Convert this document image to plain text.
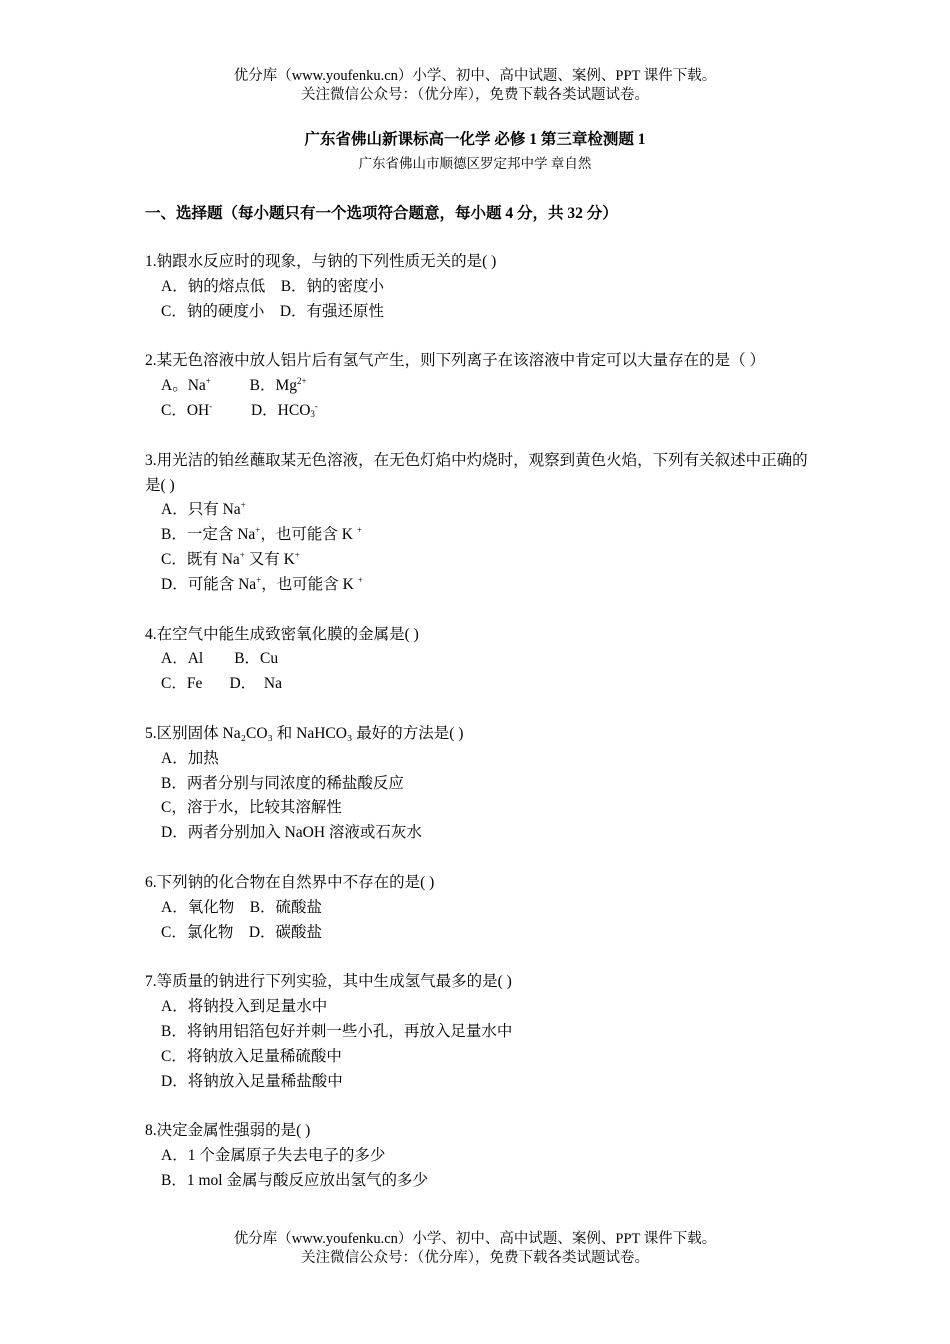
优分库（www.youfenku.cn）小学、初中、高中试题、案例、PPT 课件下载。
关注微信公众号：（优分库），免费下载各类试题试卷。
广东省佛山新课标高一化学 必修 1 第三章检测题 1
广东省佛山市顺德区罗定邦中学 章自然
一、选择题（每小题只有一个选项符合题意，每小题 4 分，共 32 分）
1.钠跟水反应时的现象，与钠的下列性质无关的是( )
A．钠的熔点低    B．钠的密度小
C．钠的硬度小    D．有强还原性
2.某无色溶液中放人铝片后有氢气产生，则下列离子在该溶液中肯定可以大量存在的是（ ）
A。Na+	B．$Mg^{2+}$
C．OH-	D．$HCO_3^-$
3.用光洁的铂丝蘸取某无色溶液，在无色灯焰中灼烧时，观察到黄色火焰，下列有关叙述中正确的是( )
A．只有 Na+
B．一定含 Na+，也可能含 K +
C．既有 Na+ 又有 K+
D．可能含 Na+，也可能含 K +
4.在空气中能生成致密氧化膜的金属是( )
A．Al        B．Cu
C．Fe       D．  Na
5.区别固体 Na₂CO₃ 和 NaHCO₃ 最好的方法是( )
A．加热
B．两者分别与同浓度的稀盐酸反应
C，溶于水，比较其溶解性
D．两者分别加入 NaOH 溶液或石灰水
6.下列钠的化合物在自然界中不存在的是( )
A．氧化物    B．硫酸盐
C．氯化物    D．碳酸盐
7.等质量的钠进行下列实验，其中生成氢气最多的是( )
A．将钠投入到足量水中
B．将钠用铝箔包好并刺一些小孔，再放入足量水中
C．将钠放入足量稀硫酸中
D．将钠放入足量稀盐酸中
8.决定金属性强弱的是( )
A．1 个金属原子失去电子的多少
B．1 mol 金属与酸反应放出氢气的多少
优分库（www.youfenku.cn）小学、初中、高中试题、案例、PPT 课件下载。
关注微信公众号：（优分库），免费下载各类试题试卷。
